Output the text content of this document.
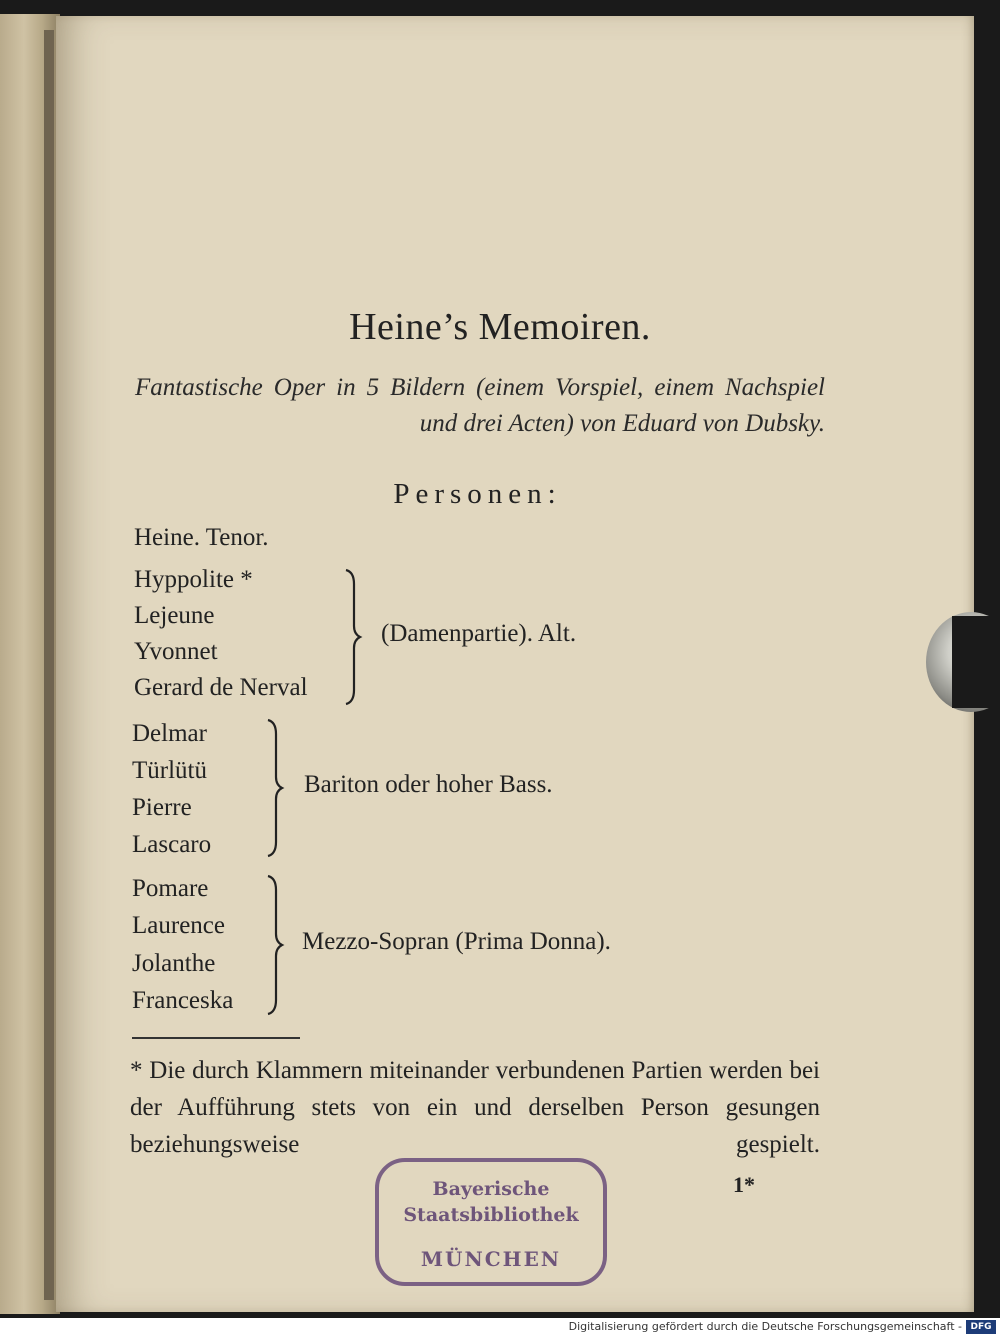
Heine’s Memoiren.
Fantastische Oper in 5 Bildern (einem Vorspiel, einem Nachspiel und drei Acten) von Eduard von Dubsky.
Personen:
Heine. Tenor.
Hyppolite *
Lejeune
Yvonnet
Gerard de Nerval
(Damenpartie). Alt.
Delmar
Türlütü
Pierre
Lascaro
Bariton oder hoher Bass.
Pomare
Laurence
Jolanthe
Franceska
Mezzo-Sopran (Prima Donna).
* Die durch Klammern miteinander verbundenen Partien werden bei der Aufführung stets von ein und derselben Person gesungen beziehungsweise gespielt.
Bayerische
Staatsbibliothek
MÜNCHEN
1*
Digitalisierung gefördert durch die Deutsche Forschungsgemeinschaft - DFG
